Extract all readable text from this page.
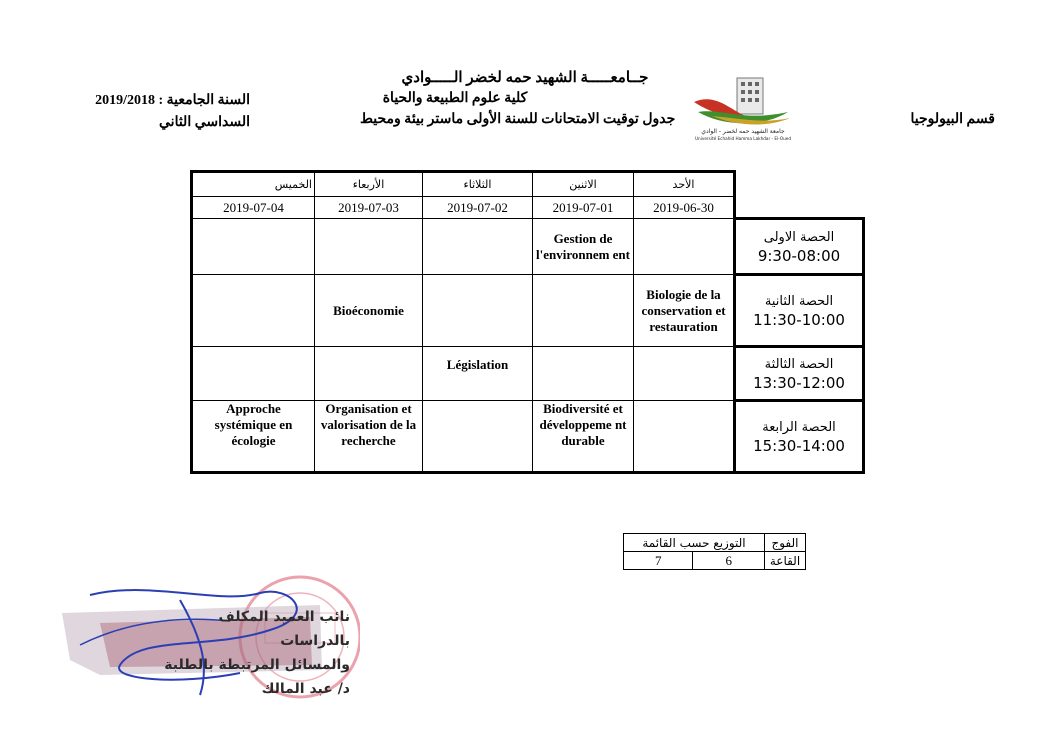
جــامعـــــة الشهيد حمه لخضر الـــــوادي
كلية علوم الطبيعة والحياة
جدول توقيت الامتحانات للسنة الأولى ماستر بيئة ومحيط
السنة الجامعية : 2019/2018
السداسي الثاني	قسم البيولوجيا
جامعة الشهيد حمه لخضر - الوادي
Université Echahid Hamma Lakhdar - El-Oued
الخميس	الأربعاء	الثلاثاء	الاثنين	الأحد	
2019-07-04	2019-07-03	2019-07-02	2019-07-01	2019-06-30	
			Gestion de l'environnem ent		الحصة الاولى
9:30-08:00

	Bioéconomie			Biologie de la conservation et restauration	الحصة الثانية
11:30-10:00

		Législation			الحصة الثالثة
13:30-12:00

Approche systémique en écologie	Organisation et valorisation de la recherche		Biodiversité et développeme nt durable		الحصة الرابعة
15:30-14:00
التوزيع حسب القائمة		الفوج
7	6	القاعة
نائب العميد المكلف بالدراسات
والمسائل المرتبطة بالطلبة
د/ عبد المالك
